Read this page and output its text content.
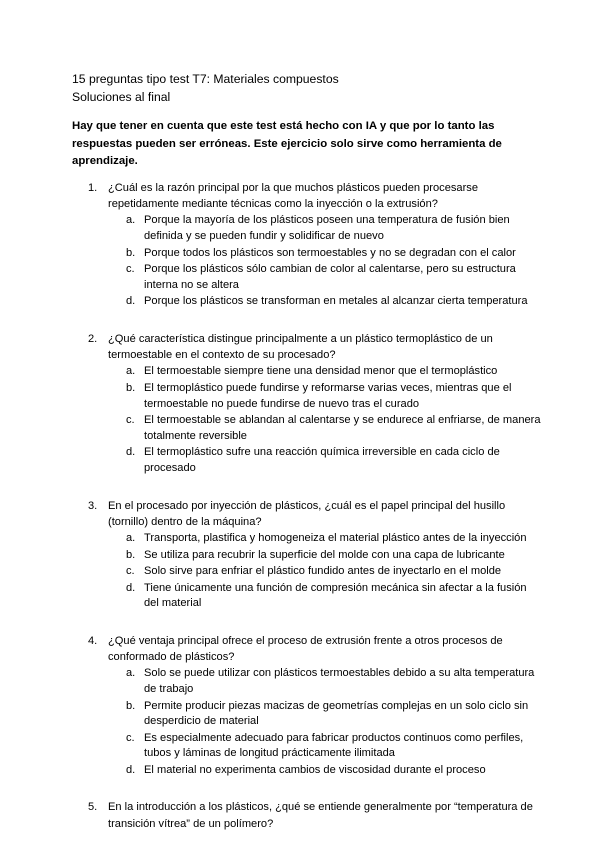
15 preguntas tipo test T7: Materiales compuestos
Soluciones al final
Hay que tener en cuenta que este test está hecho con IA y que por lo tanto las respuestas pueden ser erróneas. Este ejercicio solo sirve como herramienta de aprendizaje.
1. ¿Cuál es la razón principal por la que muchos plásticos pueden procesarse repetidamente mediante técnicas como la inyección o la extrusión?
a. Porque la mayoría de los plásticos poseen una temperatura de fusión bien definida y se pueden fundir y solidificar de nuevo
b. Porque todos los plásticos son termoestables y no se degradan con el calor
c. Porque los plásticos sólo cambian de color al calentarse, pero su estructura interna no se altera
d. Porque los plásticos se transforman en metales al alcanzar cierta temperatura
2. ¿Qué característica distingue principalmente a un plástico termoplástico de un termoestable en el contexto de su procesado?
a. El termoestable siempre tiene una densidad menor que el termoplástico
b. El termoplástico puede fundirse y reformarse varias veces, mientras que el termoestable no puede fundirse de nuevo tras el curado
c. El termoestable se ablandan al calentarse y se endurece al enfriarse, de manera totalmente reversible
d. El termoplástico sufre una reacción química irreversible en cada ciclo de procesado
3. En el procesado por inyección de plásticos, ¿cuál es el papel principal del husillo (tornillo) dentro de la máquina?
a. Transporta, plastifica y homogeneiza el material plástico antes de la inyección
b. Se utiliza para recubrir la superficie del molde con una capa de lubricante
c. Solo sirve para enfriar el plástico fundido antes de inyectarlo en el molde
d. Tiene únicamente una función de compresión mecánica sin afectar a la fusión del material
4. ¿Qué ventaja principal ofrece el proceso de extrusión frente a otros procesos de conformado de plásticos?
a. Solo se puede utilizar con plásticos termoestables debido a su alta temperatura de trabajo
b. Permite producir piezas macizas de geometrías complejas en un solo ciclo sin desperdicio de material
c. Es especialmente adecuado para fabricar productos continuos como perfiles, tubos y láminas de longitud prácticamente ilimitada
d. El material no experimenta cambios de viscosidad durante el proceso
5. En la introducción a los plásticos, ¿qué se entiende generalmente por “temperatura de transición vítrea” de un polímero?
